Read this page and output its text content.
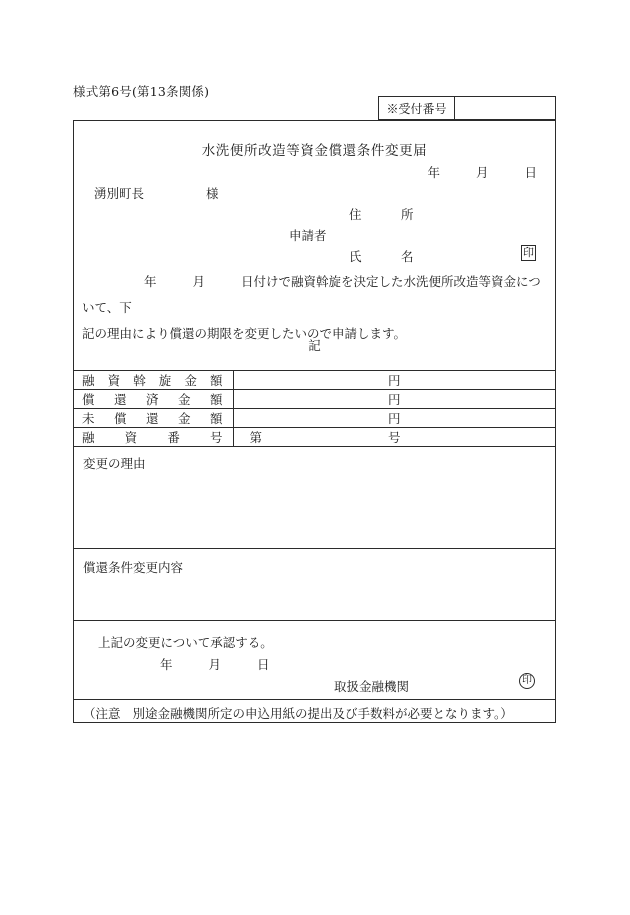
様式第6号(第13条関係)
※受付番号
水洗便所改造等資金償還条件変更届
年	月	日
湧別町長	様
住　　　所
申請者
氏　　　名	印
年	月	日付けで融資斡旋を決定した水洗便所改造等資金について、下
記の理由により償還の期限を変更したいので申請します。
記
融 資 斡 旋 金 額	円
償 還 済 金 額	円
未 償 還 金 額	円
融 資 番 号	第 号
変更の理由
償還条件変更内容
上記の変更について承認する。
年	月	日
取扱金融機関	印
（注意 別途金融機関所定の申込用紙の提出及び手数料が必要となります。）
